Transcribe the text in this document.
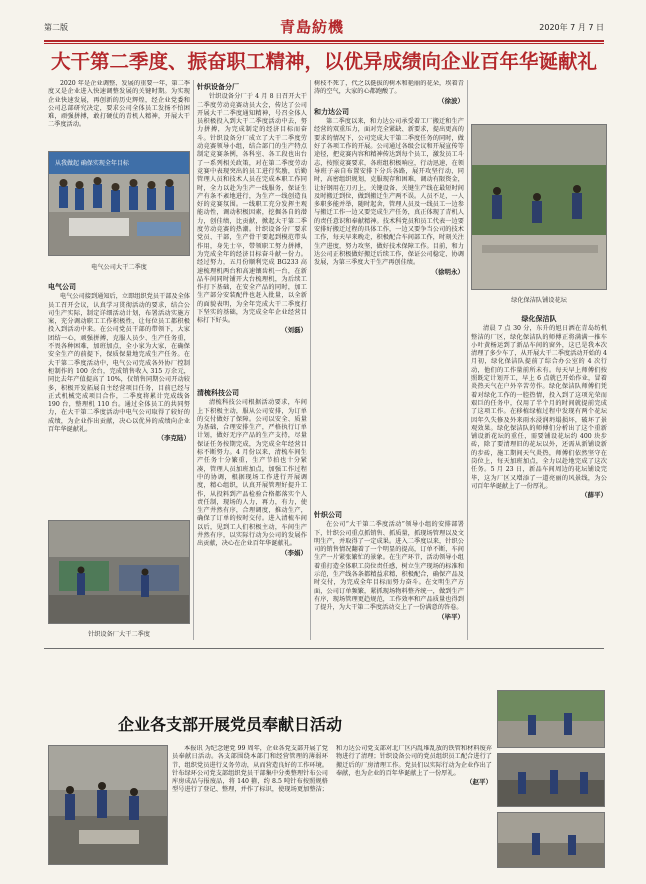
第二版	青島紡機	2020年 7 月 7 日
大干第二季度、振奋职工精神，以优异成绩向企业百年华诞献礼

2020 年是企业调整、发展的重要一年，第二季度又是企业进入快速调整发展的关键时期。为实现企业快速发展，再创新的历史辉煌，经企业党委和公司总部研究决定，要求公司全体员工发扬不怕困难，顽强拼搏，敢打硬仗的青机人精神，开展大干二季度活动。

从我做起 确保实现全年目标
电气公司大干二季度
电气公司

电气公司接到通知后，立即组织党员干部及全体员工召开会议，认真学习贯彻活动的要求，结合公司生产实际，制定详细活动计划，布署活动实施方案，充分调动职工工作积极性，让每位员工都积极投入到活动中来。在公司党员干部的带领下，大家团结一心，顽强拼搏，克服人员少、生产任务重，不畏各种困难，加班加点，全小家为大家，在确保安全生产的前提下，保质保量地完成生产任务。在大干第二季度活动中，电气公司完成各外协厂控制柜制作的 100 余台，完成销售收入 315 万余元，同比去年产值提高了 10%，仅销售同期公司开动较多，积极开发拓展自主经营项目任务，目前已经与正式机械完成项目合作，二季度将累计完成线备 190 台，整理机 110 台。通过全体员工的共同努力，在大干第二季度活动中电气公司取得了较好的成绩，为企业作出贡献，决心以优异的成绩向企业百年华诞献礼。

（李克陆）
针织设备厂大干二季度
针织设备分厂

针织设备分厂于 4 月 8 日召开大干二季度劳动竞赛动员大会，传达了公司开展大干二季度通知精神，号召全体人员积极投入到大干二季度活动中去，努力拼搏，为完成制定的经济目标而奋斗。针织设备分厂成立了大干二季度劳动竞赛领导小组，结合部门的生产特点制定竞赛条例，各科室、各工段也出台了一系列相关政策，对在第二季度劳动竞赛中表现突出的员工进行奖励，后勤管理人员和技术人员在完成本职工作同时，全力以赴为生产一线服务，保证生产有条不紊地进行，为生产一线创造良好的竞赛氛围。一线职工充分发挥主观能动性，调动积极因素，挖掘各自的潜力，创佳绩，比贡献，掀起大干第二季度劳动竞赛的热潮。针织设备分厂要求党员、干部，生产骨干要起到模范带头作用，身先士卒，带领职工努力拼搏，为完成全年的经济目标奋斗献一份力。经过努力，五月份顺利完成 BG233 高速梳理机两台和高速镶齿机一台，在新品车间同时铺开大台梳理机，为后续工作打下基础，在安全产品的同时，加工生产部分安装配件也赶入批量，以全新的面貌表明，为全年完成大干二季度打下坚实的基础，为完成全年企业经营目标打下好头。

（刘磊）
清梳科技公司

清梳科技公司根据活动要求，车间上下积极主动，服从公司安排，为订单的交付做好了保障。公司以安全、质量为基础，合理安排生产，严格执行订单计划，做好无序产品的生产支持，尽量保证任务按期完成，为完成全年经营目标不断努力。4 月份以来，清梳车间生产任务十分繁重，生产节拍也十分紧凑，管理人员加班加点，加强工作过程中的协调，根据现场工作进行开展调度，精心组织，认真开展管理好提升工作，从投料到产品检验合格都落实个人责任制，现场的人力，再力，有力，使生产井然有序，合理调度，推动生产，确保了订单的按时交付。进入清梳车间以后，见到工人们积极主动，车间生产井然有序，以实际行动为公司的发展作出贡献，决心在企业百年华诞献礼。

（李娟）

树枝不死了，代之以挺拔的树木和艳丽的花朵，埃着青涛的空气，大家的心都跑酸了。

（徐波）
和力达公司

第二季度以来，和力达公司承受着工厂搬迁和生产经营的双重压力，面对完全紧缺、新要求，提出更高的要求的情况下，公司完成大干第二季度任务的同时，做好了各项工作的开展。公司通过各级会议和开展宣传等途径，把竞赛内容和精神传达到每个员工，激发员工斗志，按照竞赛要求，各班组积极响应，行动迅速，在领导班子亲自布置安排下分兵各路，展开攻坚行动，同时，高密组织规划，克服现存和困难，调动有限资金，让好钢用在刀刃上，关键设备、关键生产线在最短时间及时搬迁到位，做到搬迁生产两不误。人员不足，一人多职多能并举，随时起舍，管理人员及一线员工一边参与搬迁工作一边又要完成生产任务，真正体现了青机人的责任意识和奉献精神。技术科党员和员工代表一边要安排好搬迁过程的具体工作，一边又要争当公司的技术工作，每天早来晚走，积极配合车间部工作，时刻关注生产进度，努力攻坚，做好技术保障工作。目前，和力达公司正积极做好搬迁后续工作，保证公司稳定、协调发展，为第三季度大干生产再创佳绩。

（徐明永）
针织公司

在公司“大干第二季度活动”领导小组的安排部署下，针织公司重点抓销售、抓质量，抓现场管理以及文明生产，并取得了一定成果。进入二季度以来，针织公司的销售情况翻着了一个明显的提高，订单不断，车间生产一片紧张繁忙的景象。在生产环节，活动领导小组着重打造全体职工岗位责任感，树立生产现场的标准和示范，生产线各条都精益求精，积极配合，确保产品及时交付，为完成全年目标而努力奋斗。在文明生产方面，公司订单频繁，紧抓现场物料整齐统一，做到生产有序，现场管理更趋规范，工作效率和产品质量也得到了提升，为大干第二季度活动交上了一份满意的答卷。

（毕平）
绿化保洁队铺设花坛
绿化保洁队

清晨 7 点 30 分，东升的旭日洒在青岛纺机整洁的厂区，绿化保洁队的师傅正将满满一推车小叶黄杨运到了新品车间的窗外，这已是我本次清理了多少车了，从开展大干二季度活动开始的 4 月初，绿化保洁队提前了综合办公室的 4 次行动，他们的工作量前所未有。每天早上师傅们按照既定计划开工，早上 6 点就已开始作业，冒着炎热天气在户外辛苦劳作。绿化保洁队师傅们凭着对绿化工作的一腔热情，投入到了这项光荣而艰巨的任务中，仅用了半个月的时间就提前完成了这项工作。在移植绿植过程中发现有两个花坛因年久失修及外来雨水浸润坍塌损坏，破坏了景观效果。绿化保洁队的师傅们分析出了这个重新铺设新花坛的重任，需要铺设花坛约 400 块步砖，除了要清理旧的花坛以外，还需从新铺设新的步砖，施工期间天气炎热，师傅们依然坚守在岗位上，每天加班加点，全力以赴地完成了这次任务。5 月 23 日，新品车间周边的花坛铺设完毕，这为厂区又增添了一道亮丽的风景线，为公司百年华诞献上了一份厚礼。

（薛平）
企业各支部开展党员奉献日活动

本报讯 为纪念建党 99 周年，企业各党支部开展了党员奉献日活动。各支部围绕本部门和经营管理的薄弱环节，组织党员进行义务劳动，从而营造良好的工作环境。针布绿环公司党支部组织党员干部集中分类整理针布公司库房成品与报废品，将 140 箍，约 8.5 吨针布按照规格型号进行了登记、整理，并作了标识，使现场更加整洁；和力达公司党支部对北厂区内乱堆乱放的铁管和材料废弃物进行了清理；针织设备公司的党员组织员工配合进行了搬迁后的厂房清理工作。党员们以实际行动为企业作出了奉献，也为企业的百年华诞献上了一份厚礼。

（赵平）
